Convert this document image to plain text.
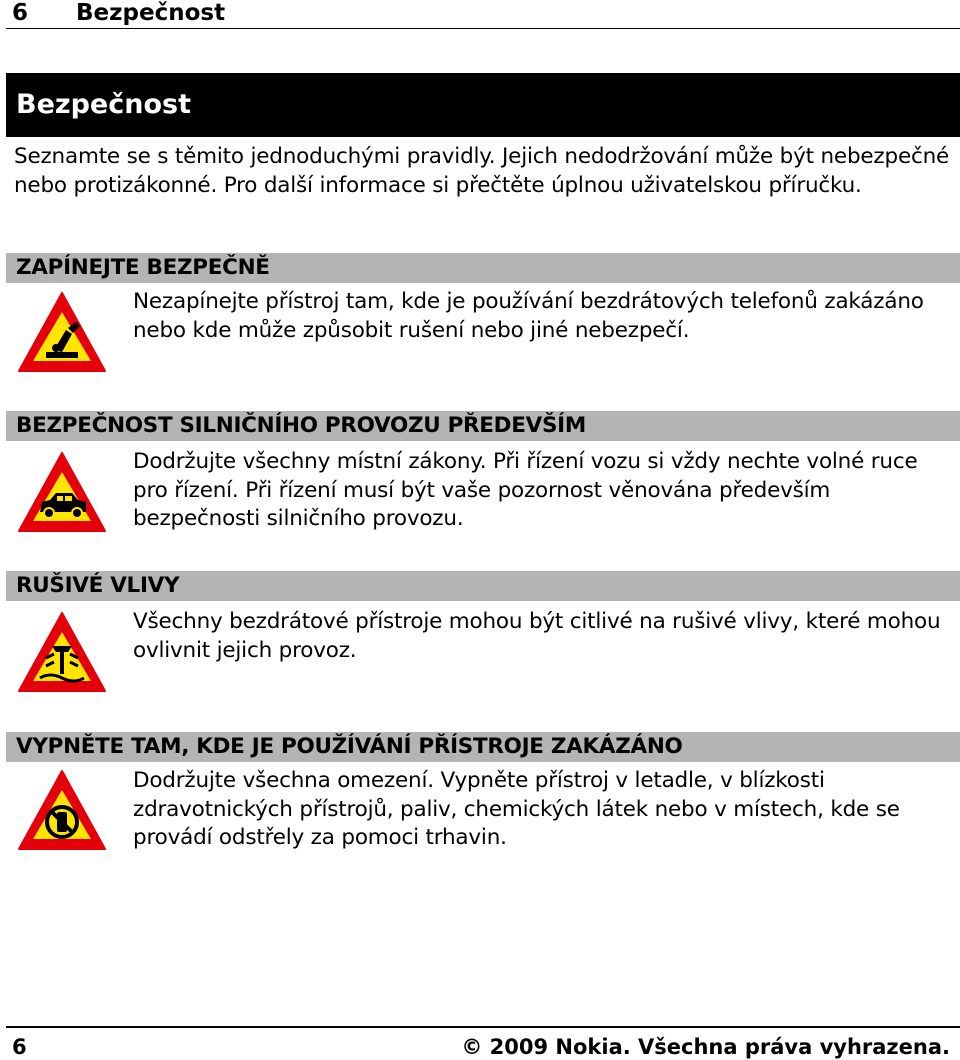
6 Bezpečnost
Bezpečnost
Seznamte se s těmito jednoduchými pravidly. Jejich nedodržování může být nebezpečné nebo protizákonné. Pro další informace si přečtěte úplnou uživatelskou příručku.
ZAPÍNEJTE BEZPEČNĚ
Nezapínejte přístroj tam, kde je používání bezdrátových telefonů zakázáno nebo kde může způsobit rušení nebo jiné nebezpečí.
BEZPEČNOST SILNIČNÍHO PROVOZU PŘEDEVŠÍM
Dodržujte všechny místní zákony. Při řízení vozu si vždy nechte volné ruce pro řízení. Při řízení musí být vaše pozornost věnována především bezpečnosti silničního provozu.
RUŠIVÉ VLIVY
Všechny bezdrátové přístroje mohou být citlivé na rušivé vlivy, které mohou ovlivnit jejich provoz.
VYPNĚTE TAM, KDE JE POUŽÍVÁNÍ PŘÍSTROJE ZAKÁZÁNO
Dodržujte všechna omezení. Vypněte přístroj v letadle, v blízkosti zdravotnických přístrojů, paliv, chemických látek nebo v místech, kde se provádí odstřely za pomoci trhavin.
6	© 2009 Nokia. Všechna práva vyhrazena.
